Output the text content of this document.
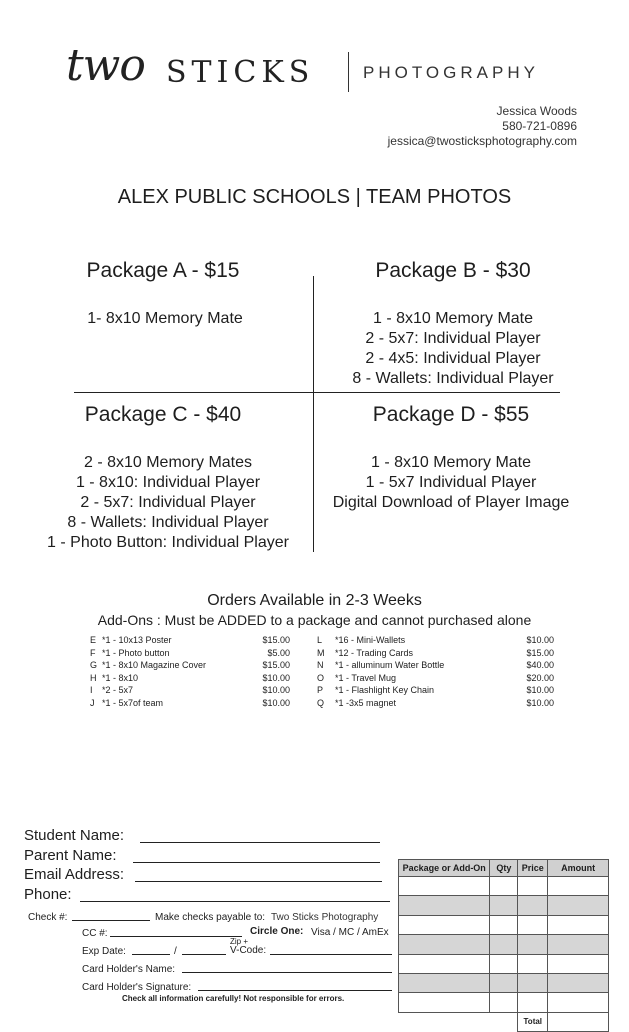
two STICKS	PHOTOGRAPHY
Jessica Woods
580-721-0896
jessica@twosticksphotography.com
ALEX PUBLIC SCHOOLS | TEAM PHOTOS
Package A - $15
1- 8x10 Memory Mate
Package B - $30
1 - 8x10 Memory Mate
2 - 5x7: Individual Player
2 - 4x5: Individual Player
8 - Wallets: Individual Player
Package C - $40
2 - 8x10 Memory Mates
1 - 8x10: Individual Player
2 - 5x7: Individual Player
8 - Wallets: Individual Player
1 - Photo Button: Individual Player
Package D - $55
1 - 8x10 Memory Mate
1 - 5x7 Individual Player
Digital Download of Player Image
Orders Available in 2-3 Weeks
Add-Ons : Must be ADDED to a package and cannot purchased alone
E *1 - 10x13 Poster	$15.00
F *1 - Photo button	$5.00
G *1 - 8x10 Magazine Cover	$15.00
H *1 - 8x10	$10.00
I *2 - 5x7	$10.00
J *1 - 5x7of team	$10.00
L *16 - Mini-Wallets	$10.00
M *12 - Trading Cards	$15.00
N *1 - alluminum Water Bottle	$40.00
O *1 - Travel Mug	$20.00
P *1 - Flashlight Key Chain	$10.00
Q *1 -3x5 magnet	$10.00
Student Name:
Parent Name:
Email Address:
Phone:
Check #:	Make checks payable to: Two Sticks Photography
CC #:	Circle One: Visa / MC / AmEx
Exp Date:	/
Zip +
V-Code:
Card Holder's Name:
Card Holder's Signature:
Check all information carefully! Not responsible for errors.
Package or Add-On	Qty	Price	Amount

		Total	
